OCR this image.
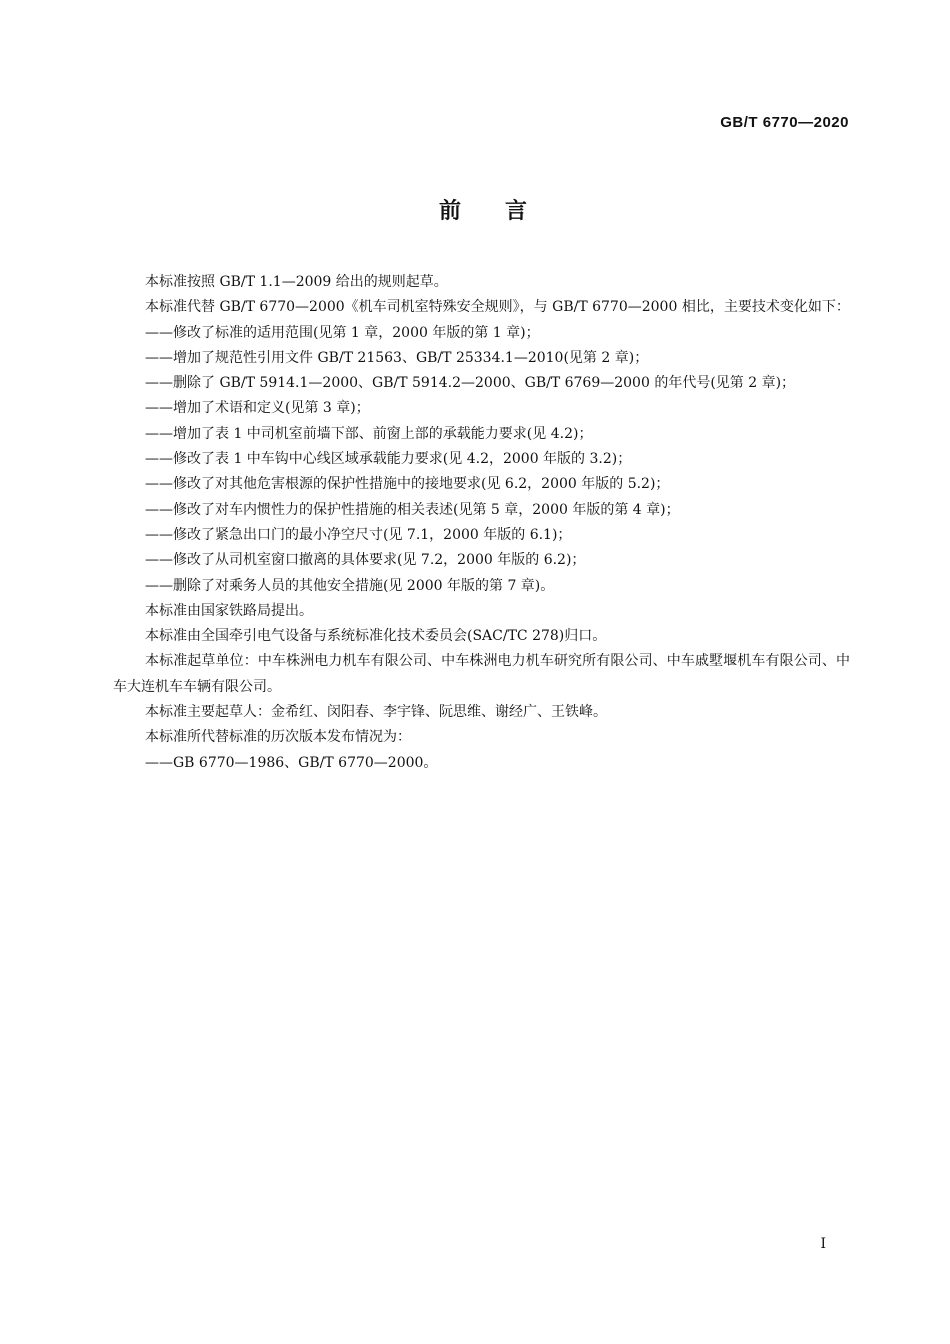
GB/T 6770—2020
前 言

本标准按照 GB/T 1.1—2009 给出的规则起草。

本标准代替 GB/T 6770—2000《机车司机室特殊安全规则》，与 GB/T 6770—2000 相比，主要技术变化如下：

——修改了标准的适用范围(见第 1 章，2000 年版的第 1 章)；

——增加了规范性引用文件 GB/T 21563、GB/T 25334.1—2010(见第 2 章)；

——删除了 GB/T 5914.1—2000、GB/T 5914.2—2000、GB/T 6769—2000 的年代号(见第 2 章)；

——增加了术语和定义(见第 3 章)；

——增加了表 1 中司机室前墙下部、前窗上部的承载能力要求(见 4.2)；

——修改了表 1 中车钩中心线区域承载能力要求(见 4.2，2000 年版的 3.2)；

——修改了对其他危害根源的保护性措施中的接地要求(见 6.2，2000 年版的 5.2)；

——修改了对车内惯性力的保护性措施的相关表述(见第 5 章，2000 年版的第 4 章)；

——修改了紧急出口门的最小净空尺寸(见 7.1，2000 年版的 6.1)；

——修改了从司机室窗口撤离的具体要求(见 7.2，2000 年版的 6.2)；

——删除了对乘务人员的其他安全措施(见 2000 年版的第 7 章)。

本标准由国家铁路局提出。

本标准由全国牵引电气设备与系统标准化技术委员会(SAC/TC 278)归口。

本标准起草单位：中车株洲电力机车有限公司、中车株洲电力机车研究所有限公司、中车戚墅堰机车有限公司、中车大连机车车辆有限公司。

本标准主要起草人：金希红、闵阳春、李宇锋、阮思维、谢经广、王铁峰。

本标准所代替标准的历次版本发布情况为：

——GB 6770—1986、GB/T 6770—2000。

I
